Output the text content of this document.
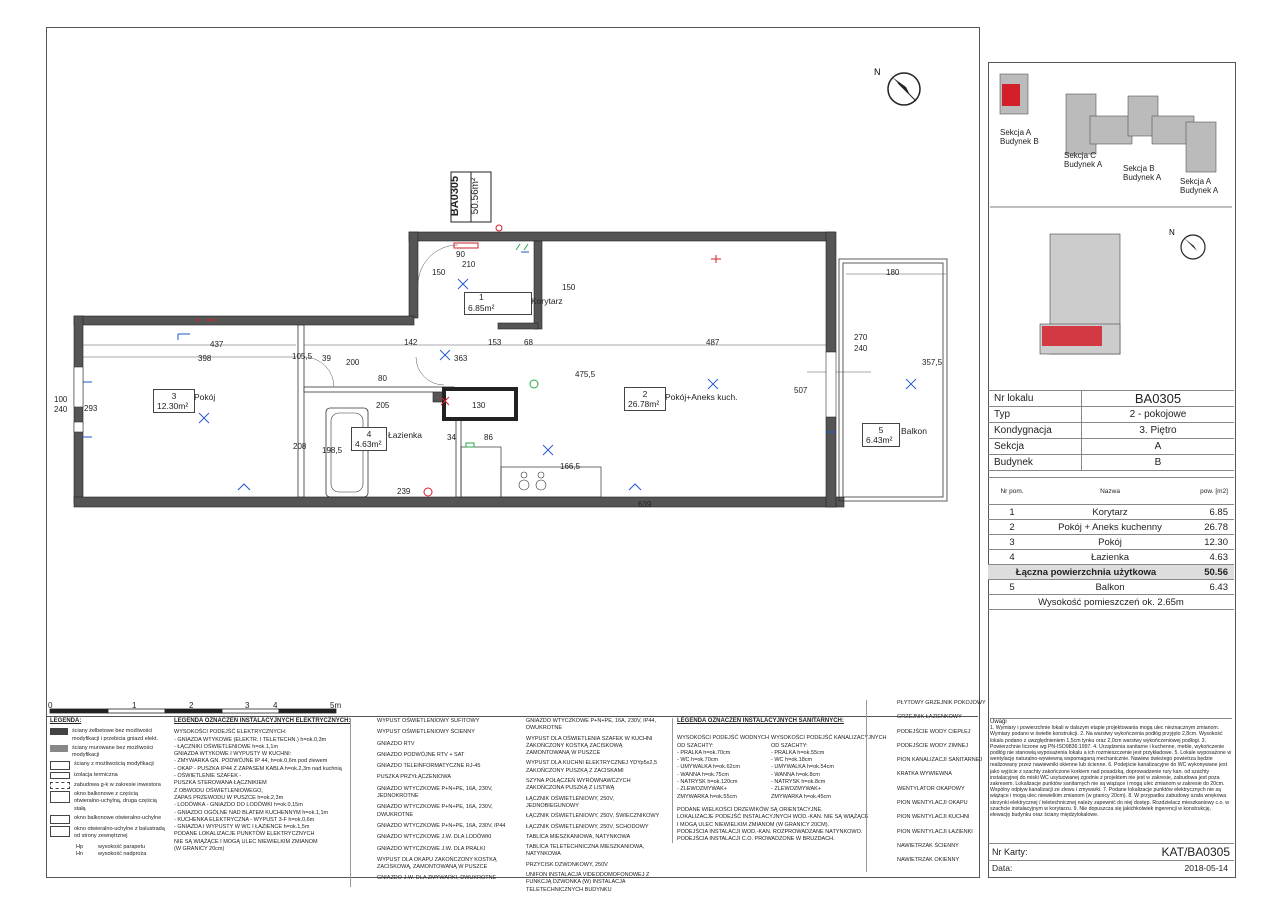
N
BA0305 50.56m²
1	Korytarz
6.85m²
2
26.78m²
Pokój+Aneks kuch.
3
12.30m²
Pokój
4
4.63m²
Łazienka	5
6.43m²
Balkon
437
398
142	153	68	487
363
80
39 200
105,5
208 198,5
205	130
34	86
475,5
166,5
239
639
507
270
240
180
357,5
100
240 293
90
210
150
150
0	1	2	3	4	5m
LEGENDA:
ściany żelbetowe bez możliwości modyfikacji i przebicia gniazd elekt.
ściany murowane bez możliwości modyfikacji
ściany z możliwością modyfikacji
izolacja termiczna
zabudowa g-k w zakresie inwestora
okno balkonowe z częścią otwieralno-uchylną, druga częścią stałą
okno balkonowe otwieralno-uchylne
okno otwieralno-uchylne z balustradą od strony zewnętrznej
Hp	wysokość parapetu
Hn	wysokość nadproża
LEGENDA OZNACZEŃ INSTALACYJNYCH ELEKTRYCZNYCH:
WYSOKOŚCI PODEJŚĆ ELEKTRYCZNYCH:
- GNIAZDA WTYKOWE (ELEKTR. I TELETECHN.) h=ok.0,3m
- ŁĄCZNIKI OŚWIETLENIOWE h=ok.1,1m
GNIAZDA WTYKOWE I WYPUSTY W KUCHNI:
- ZMYWARKA GN. PODWÓJNE IP 44, h=ok.0,6m pod zlewem
- OKAP - PUSZKA IP44 Z ZAPASEM KABLA h=ok.2,3m nad kuchnią
- OŚWIETLENIE SZAFEK -
PUSZKA STEROWANA ŁĄCZNIKIEM
Z OBWODU OŚWIETLENIOWEGO,
ZAPAS PRZEWODU W PUSZCE h=ok.2,3m
- LODÓWKA - GNIAZDO DO LODÓWKI h=ok.0,15m
- GNIAZDO OGÓLNE NAD BLATEM KUCHENNYM h=ok.1,1m
- KUCHENKA ELEKTRYCZNA - WYPUST 3-F h=ok.0,6m
- GNIAZDA I WYPUSTY W WC I ŁAZIENCE h=ok.1,5m
PODANE LOKALIZACJE PUNKTÓW ELEKTRYCZNYCH
NIE SĄ WIĄŻĄCE I MOGĄ ULEC NIEWIELKIM ZMIANOM
(W GRANICY 20cm)
WYPUST OŚWIETLENIOWY SUFITOWY
WYPUST OŚWIETLENIOWY ŚCIENNY
GNIAZDO RTV
GNIAZDO PODWÓJNE RTV + SAT
GNIAZDO TELEINFORMATYCZNE RJ-45
PUSZKA PRZYŁĄCZENIOWA
GNIAZDO WTYCZKOWE P+N+PE, 16A, 230V, JEDNOKROTNE
GNIAZDO WTYCZKOWE P+N+PE, 16A, 230V, DWUKROTNE
GNIAZDO WTYCZKOWE P+N+PE, 16A, 230V, IP44
GNIAZDO WTYCZKOWE J.W. DLA LODÓWKI
GNIAZDO WTYCZKOWE J.W. DLA PRALKI
WYPUST DLA OKAPU ZAKOŃCZONY KOSTKĄ ZACISKOWĄ, ZAMONTOWANĄ W PUSZCE
GNIAZDO J.W. DLA ZMYWARKI, DWUKROTNE
GNIAZDO WTYCZKOWE P+N+PE, 16A, 230V, IP44, DWUKROTNE
WYPUST DLA OŚWIETLENIA SZAFEK W KUCHNI ZAKOŃCZONY KOSTKĄ ZACISKOWĄ ZAMONTOWANĄ W PUSZCE
WYPUST DLA KUCHNI ELEKTRYCZNEJ YDYp5x2,5 ZAKOŃCZONY PUSZKĄ Z ZACISKAMI
SZYNA POŁĄCZEŃ WYRÓWNAWCZYCH ZAKOŃCZONA PUSZKĄ Z LISTWĄ
ŁĄCZNIK OŚWIETLENIOWY, 250V, JEDNOBIEGUNOWY
ŁĄCZNIK OŚWIETLENIOWY, 250V, ŚWIECZNIKOWY
ŁĄCZNIK OŚWIETLENIOWY, 250V, SCHODOWY
TABLICA MIESZKANIOWA, NATYNKOWA
TABLICA TELETECHNICZNA MIESZKANIOWA, NATYNKOWA
PRZYCISK DZWONKOWY, 250V
UNIFON INSTALACJA VIDEODOMOFONOWEJ Z FUNKCJĄ DZWONKA (W) INSTALACJA TELETECHNICZNYCH BUDYNKU
LEGENDA OZNACZEŃ INSTALACYJNYCH SANITARNYCH:
WYSOKOŚCI PODEJŚĆ WODNYCH
OD SZACHTY:
- PRALKA h=ok.70cm
- WC h=ok.70cm
- UMYWALKA h=ok.62cm
- WANNA h=ok.75cm
- NATRYSK h=ok.120cm
- ZLEWOZMYWAK+
ZMYWARKA h=ok.55cm
WYSOKOŚCI PODEJŚĆ KANALIZACYJNYCH
OD SZACHTY:
- PRALKA h=ok.55cm
- WC h=ok.18cm
- UMYWALKA h=ok.54cm
- WANNA h=ok.8cm
- NATRYSK h=ok.8cm
- ZLEWOZMYWAK+
ZMYWARKA h=ok.45cm
PODANE WIELKOŚCI DRZEWIKÓW SĄ ORIENTACYJNE.
LOKALIZACJE PODEJŚĆ INSTALACYJNYCH WOD.-KAN. NIE SĄ WIĄŻĄCE
I MOGĄ ULEC NIEWIELKIM ZMIANOM (W GRANICY 20CM).
PODEJŚCIA INSTALACJI WOD.-KAN. ROZPROWADZANE NATYNKOWO.
PODEJŚCIA INSTALACJI C.O. PROWADZONE W BRUZDACH.
PŁYTOWY GRZEJNIK POKOJOWY
GRZEJNIK ŁAZIENKOWY
PODEJŚCIE WODY CIEPŁEJ
PODEJŚCIE WODY ZIMNEJ
PION KANALIZACJI SANITARNEJ
KRATKA WYWIEWNA
WENTYLATOR OKAPOWY
PION WENTYLACJI OKAPU
PION WENTYLACJI KUCHNI
PION WENTYLACJI ŁAZIENKI
NAWIETRZAK ŚCIENNY
NAWIETRZAK OKIENNY
N
Sekcja A
Budynek B
Sekcja C
Budynek A	Sekcja B
Budynek A Sekcja A
Budynek A
Nr lokalu	BA0305
Typ	2 - pokojowe
Kondygnacja	3. Piętro
Sekcja	A
Budynek	B
Nr pom.	Nazwa	pow. [m2]
1	Korytarz	6.85
2	Pokój + Aneks kuchenny	26.78
3	Pokój	12.30
4	Łazienka	4.63
Łączna powierzchnia użytkowa	50.56
5	Balkon	6.43
Wysokość pomieszczeń ok. 2.65m
Uwagi
1. Wymiary i powierzchnie lokali w dalszym etapie projektowania mogą ulec nieznacznym zmianom. Wymiary podano w świetle konstrukcji. 2. Na warstwy wykończenia podłóg przyjęto 2,8cm. Wysokość lokalu podano z uwzględnieniem 1,5cm tynku oraz 2,0cm warstwy wykończeniowej podłogi. 3. Powierzchnie liczone wg PN-ISO9836:1997. 4. Urządzenia sanitarne i kuchenne, meble, wykończenie podłóg nie stanowią wyposażenia lokalu a ich rozmieszczenie jest przykładowe. 5. Lokale wyposażone w wentylację naturalno-wywiewną wspomaganą mechanicznie. Nawiew świeżego powietrza będzie realizowany przez nawiewniki okienne lub ścienne. 6. Podejście kanalizacyjne do WC wykonywane jest jako wyjście z szachty zakończone korkiem nad posadzką, doprowadzenie rury kan. od szachty instalacyjnej do miski WC usytuowanej zgodnie z projektem nie jest w zakresie, zabudowa jest poza zakresem. Lokalizacje punktów sanitarnych nie są wiążące i mogą ulec zmianom w zakresie do 20cm. Wspólny odpływ kanalizacji ze zlewu i zmywarki. 7. Podane lokalizacje punktów elektrycznych nie są wiążące i mogą ulec niewielkim zmianom (w granicy 20cm). 8. W przypadku zabudowy szafa wnękowa skrzynki elektrycznej / teletechnicznej należy zapewnić do niej dostęp. Rozdzielacz mieszkaniowy c.o. w szachcie instalacyjnym w korytarzu. 9. Nie dopuszcza się jakichkolwiek ingerencji w konstrukcję, elewację budynku oraz ściany międzylokalowe.
Nr Karty:	KAT/BA0305
Data:	2018-05-14
